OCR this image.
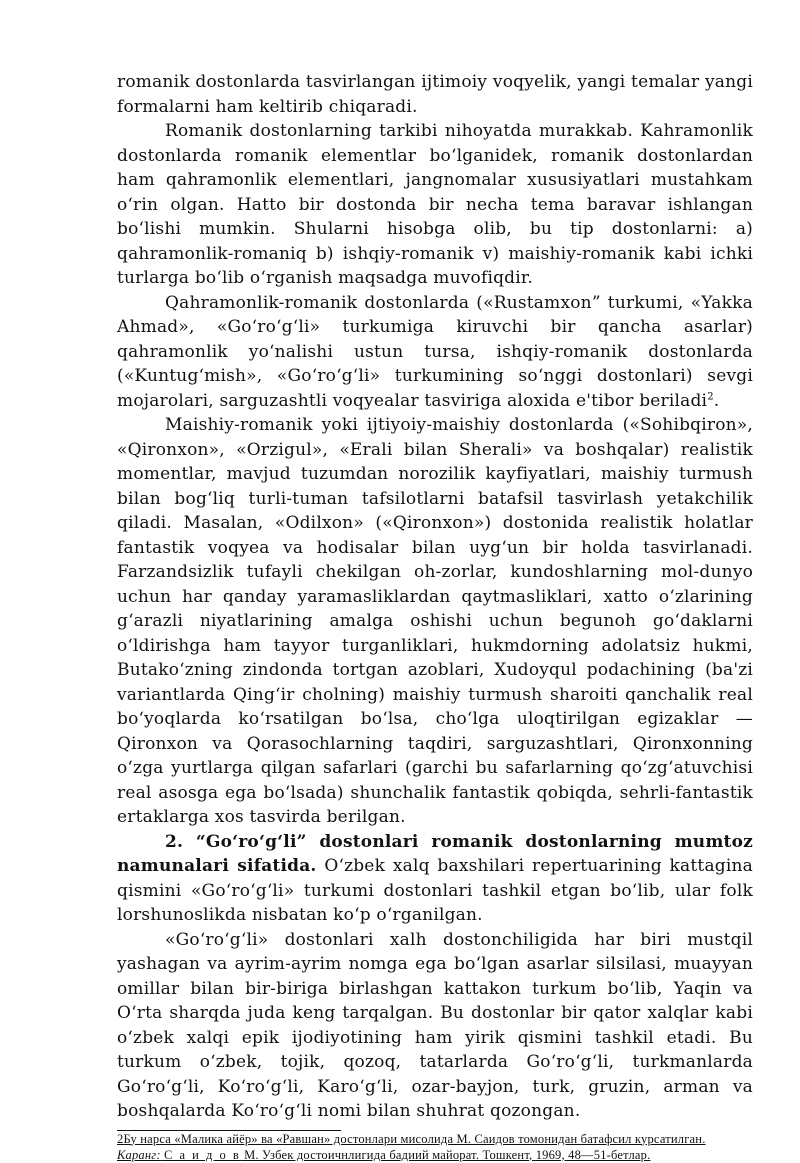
romanik dostonlarda tasvirlangan ijtimoiy voqyelik, yangi temalar yangi formalarni ham keltirib chiqaradi.

Romanik dostonlarning tarkibi nihoyatda murakkab. Kahramonlik dostonlarda romanik elementlar bo‘lganidek, romanik dostonlardan ham qahramonlik elementlari, jangnomalar xususiyatlari mustahkam o‘rin olgan. Hatto bir dostonda bir necha tema baravar ishlangan bo‘lishi mumkin. Shularni hisobga olib, bu tip dostonlarni: a) qahramonlik-romaniq b) ishqiy-romanik v) maishiy-romanik kabi ichki turlarga bo‘lib o‘rganish maqsadga muvofiqdir.

Qahramonlik-romanik dostonlarda («Rustamxon” turkumi, «Yakka Ahmad», «Go‘ro‘g‘li» turkumiga kiruvchi bir qancha asarlar) qahramonlik yo‘nalishi ustun tursa, ishqiy-romanik dostonlarda («Kuntug‘mish», «Go‘ro‘g‘li» turkumining so‘nggi dostonlari) sevgi mojarolari, sarguzashtli voqyealar tasviriga aloxida e'tibor beriladi$^2$.

Maishiy-romanik yoki ijtiyoiy-maishiy dostonlarda («Sohibqiron», «Qironxon», «Orzigul», «Erali bilan Sherali» va boshqalar) realistik momentlar, mavjud tuzumdan norozilik kayfiyatlari, maishiy turmush bilan bog‘liq turli-tuman tafsilotlarni batafsil tasvirlash yetakchilik qiladi. Masalan, «Odilxon» («Qironxon») dostonida realistik holatlar fantastik voqyea va hodisalar bilan uyg‘un bir holda tasvirlanadi. Farzandsizlik tufayli chekilgan oh-zorlar, kundoshlarning mol-dunyo uchun har qanday yaramasliklardan qaytmasliklari, xatto o‘zlarining g‘arazli niyatlarining amalga oshishi uchun begunoh go‘daklarni o‘ldirishga ham tayyor turganliklari, hukmdorning adolatsiz hukmi, Butako‘zning zindonda tortgan azoblari, Xudoyqul podachining (ba'zi variantlarda Qing‘ir cholning) maishiy turmush sharoiti qanchalik real bo‘yoqlarda ko‘rsatilgan bo‘lsa, cho‘lga uloqtirilgan egizaklar — Qironxon va Qorasochlarning taqdiri, sarguzashtlari, Qironxonning o‘zga yurtlarga qilgan safarlari (garchi bu safarlarning qo‘zg‘atuvchisi real asosga ega bo‘lsada) shunchalik fantastik qobiqda, sehrli-fantastik ertaklarga xos tasvirda berilgan.

2. “Go‘ro‘g‘li” dostonlari romanik dostonlarning mumtoz namunalari sifatida. O‘zbek xalq baxshilari repertuarining kattagina qismini «Go‘ro‘g‘li» turkumi dostonlari tashkil etgan bo‘lib, ular folk lorshunoslikda nisbatan ko‘p o‘rganilgan.

«Go‘ro‘g‘li» dostonlari xalh dostonchiligida har biri mustqil yashagan va ayrim-ayrim nomga ega bo‘lgan asarlar silsilasi, muayyan omillar bilan bir-biriga birlashgan kattakon turkum bo‘lib, Yaqin va O‘rta sharqda juda keng tarqalgan. Bu dostonlar bir qator xalqlar kabi o‘zbek xalqi epik ijodiyotining ham yirik qismini tashkil etadi. Bu turkum o‘zbek, tojik, qozoq, tatarlarda Go‘ro‘g‘li, turkmanlarda Go‘ro‘g‘li, Ko‘ro‘g‘li, Karo‘g‘li, ozar-bayjon, turk, gruzin, arman va boshqalarda Ko‘ro‘g‘li nomi bilan shuhrat qozongan.

2Бу нарса «Малика айёр» ва «Равшан» достонлари мисолида М. Саидов томонидан батафсил курсатилган.

Каранг: С а и д о в М. Узбек достоичнлигида бадиий майорат. Тошкент, 1969, 48—51-бетлар.
